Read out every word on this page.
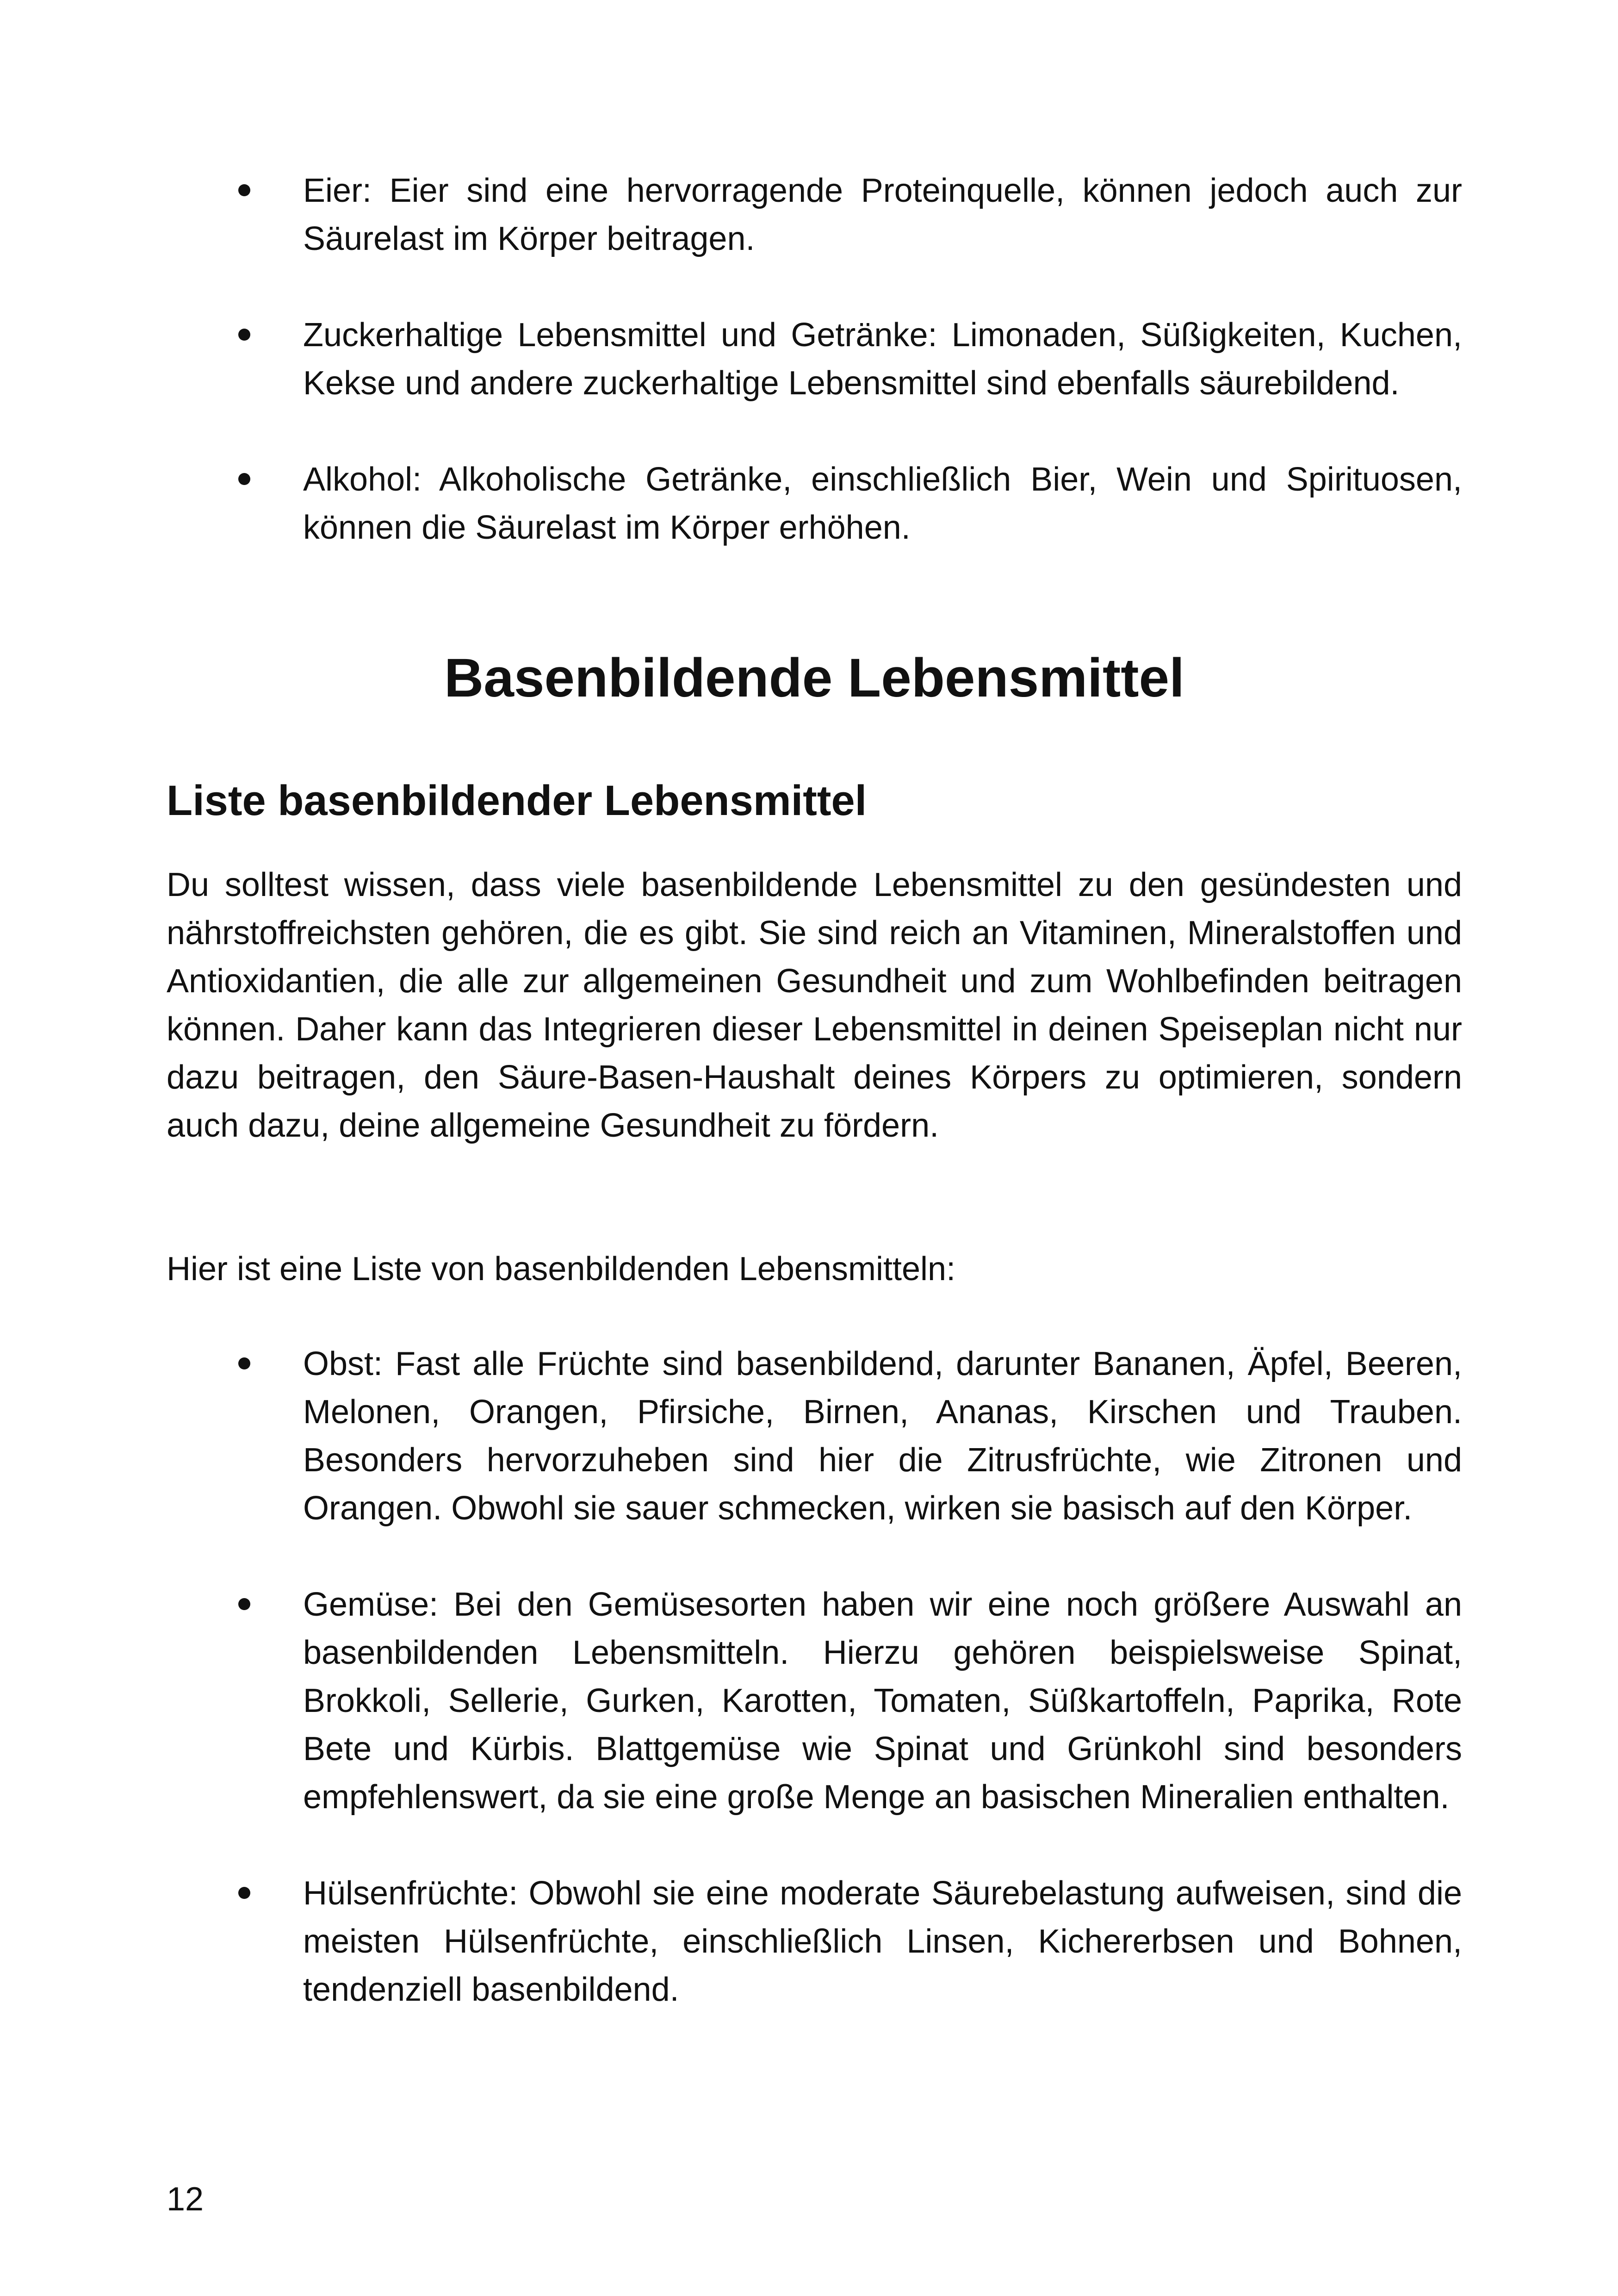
Eier: Eier sind eine hervorragende Proteinquelle, können jedoch auch zur Säurelast im Körper beitragen.
Zuckerhaltige Lebensmittel und Getränke: Limonaden, Süßigkeiten, Kuchen, Kekse und andere zuckerhaltige Lebensmittel sind ebenfalls säurebildend.
Alkohol: Alkoholische Getränke, einschließlich Bier, Wein und Spirituosen, können die Säurelast im Körper erhöhen.
Basenbildende Lebensmittel
Liste basenbildender Lebensmittel

Du solltest wissen, dass viele basenbildende Lebensmittel zu den gesündesten und nährstoffreichsten gehören, die es gibt. Sie sind reich an Vitaminen, Mineralstoffen und Antioxidantien, die alle zur allgemeinen Gesundheit und zum Wohlbefinden beitragen können. Daher kann das Integrieren dieser Lebensmittel in deinen Speiseplan nicht nur dazu beitragen, den Säure-Basen-Haushalt deines Körpers zu optimieren, sondern auch dazu, deine allgemeine Gesundheit zu fördern.

Hier ist eine Liste von basenbildenden Lebensmitteln:

Obst: Fast alle Früchte sind basenbildend, darunter Bananen, Äpfel, Beeren, Melonen, Orangen, Pfirsiche, Birnen, Ananas, Kirschen und Trauben. Besonders hervorzuheben sind hier die Zitrusfrüchte, wie Zitronen und Orangen. Obwohl sie sauer schmecken, wirken sie basisch auf den Körper.
Gemüse: Bei den Gemüsesorten haben wir eine noch größere Auswahl an basenbildenden Lebensmitteln. Hierzu gehören beispielsweise Spinat, Brokkoli, Sellerie, Gurken, Karotten, Tomaten, Süßkartoffeln, Paprika, Rote Bete und Kürbis. Blattgemüse wie Spinat und Grünkohl sind besonders empfehlenswert, da sie eine große Menge an basischen Mineralien enthalten.
Hülsenfrüchte: Obwohl sie eine moderate Säurebelastung aufweisen, sind die meisten Hülsenfrüchte, einschließlich Linsen, Kichererbsen und Bohnen, tendenziell basenbildend.
12
